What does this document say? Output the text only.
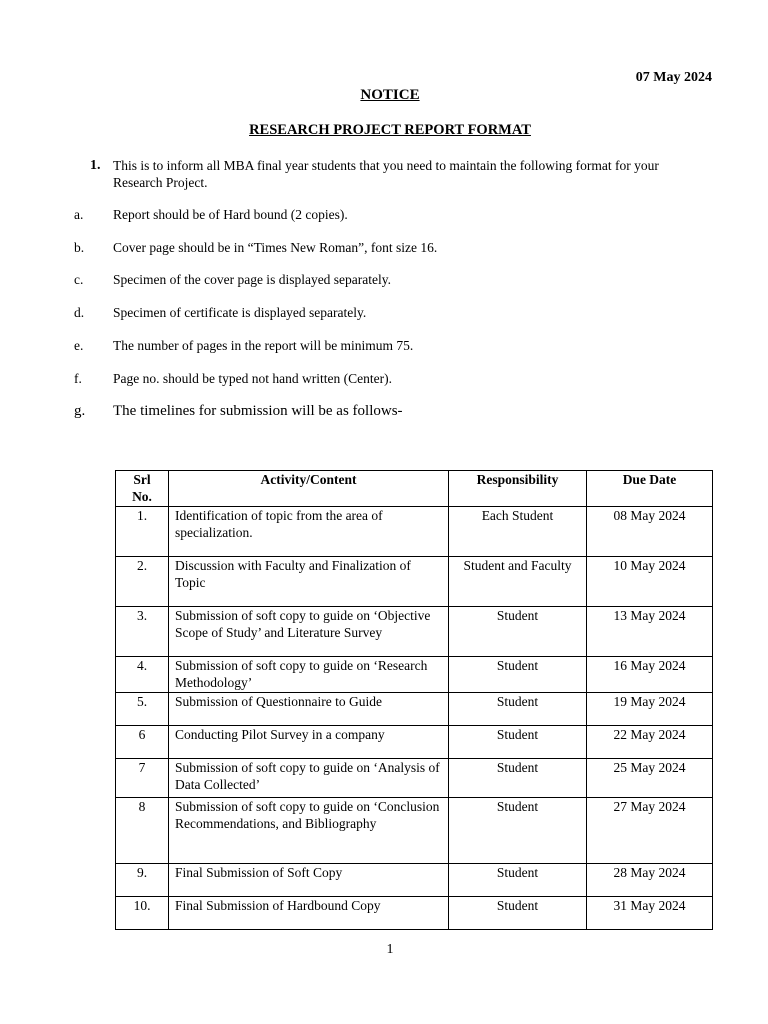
07 May 2024
NOTICE
RESEARCH PROJECT REPORT FORMAT
1. This is to inform all MBA final year students that you need to maintain the following format for your Research Project.
a. Report should be of Hard bound (2 copies).
b. Cover page should be in “Times New Roman”, font size 16.
c. Specimen of the cover page is displayed separately.
d. Specimen of certificate is displayed separately.
e. The number of pages in the report will be minimum 75.
f. Page no. should be typed not hand written (Center).
g. The timelines for submission will be as follows-
Srl No.	Activity/Content	Responsibility	Due Date
1.	Identification of topic from the area of specialization.	Each Student	08 May 2024
2.	Discussion with Faculty and Finalization of Topic	Student and Faculty	10 May 2024
3.	Submission of soft copy to guide on ‘Objective Scope of Study’ and Literature Survey	Student	13 May 2024
4.	Submission of soft copy to guide on ‘Research Methodology’	Student	16 May 2024
5.	Submission of Questionnaire to Guide	Student	19 May 2024
6	Conducting Pilot Survey in a company	Student	22 May 2024
7	Submission of soft copy to guide on ‘Analysis of Data Collected’	Student	25 May 2024
8	Submission of soft copy to guide on ‘Conclusion Recommendations, and Bibliography	Student	27 May 2024
9.	Final Submission of Soft Copy	Student	28 May 2024
10.	Final Submission of Hardbound Copy	Student	31 May 2024
1
